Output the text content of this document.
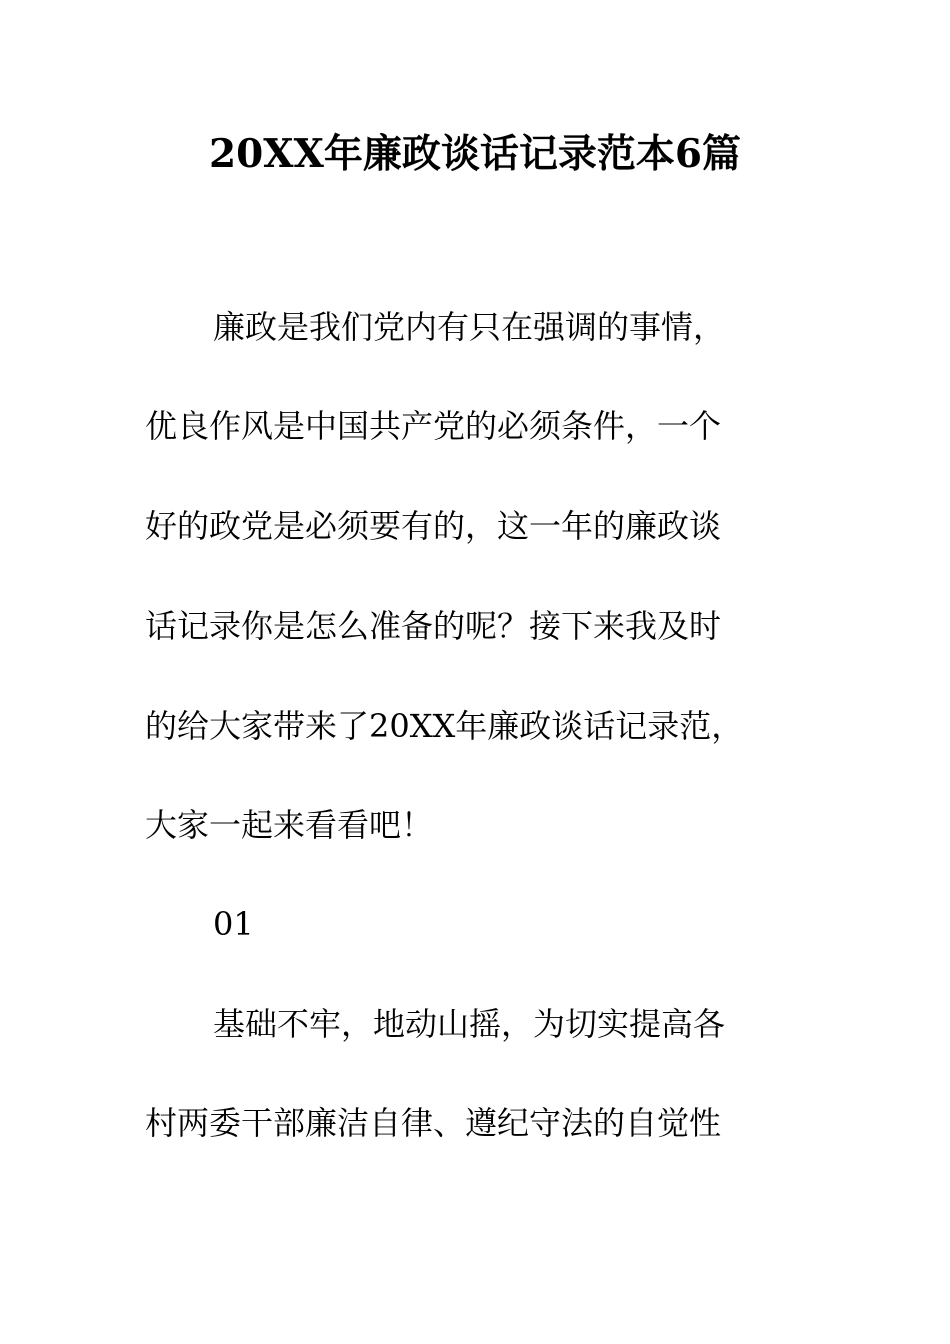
20XX年廉政谈话记录范本6篇
廉政是我们党内有只在强调的事情，
优良作风是中国共产党的必须条件，一个
好的政党是必须要有的，这一年的廉政谈
话记录你是怎么准备的呢？接下来我及时
的给大家带来了20XX年廉政谈话记录范，
大家一起来看看吧！
01
基础不牢，地动山摇，为切实提高各
村两委干部廉洁自律、遵纪守法的自觉性
